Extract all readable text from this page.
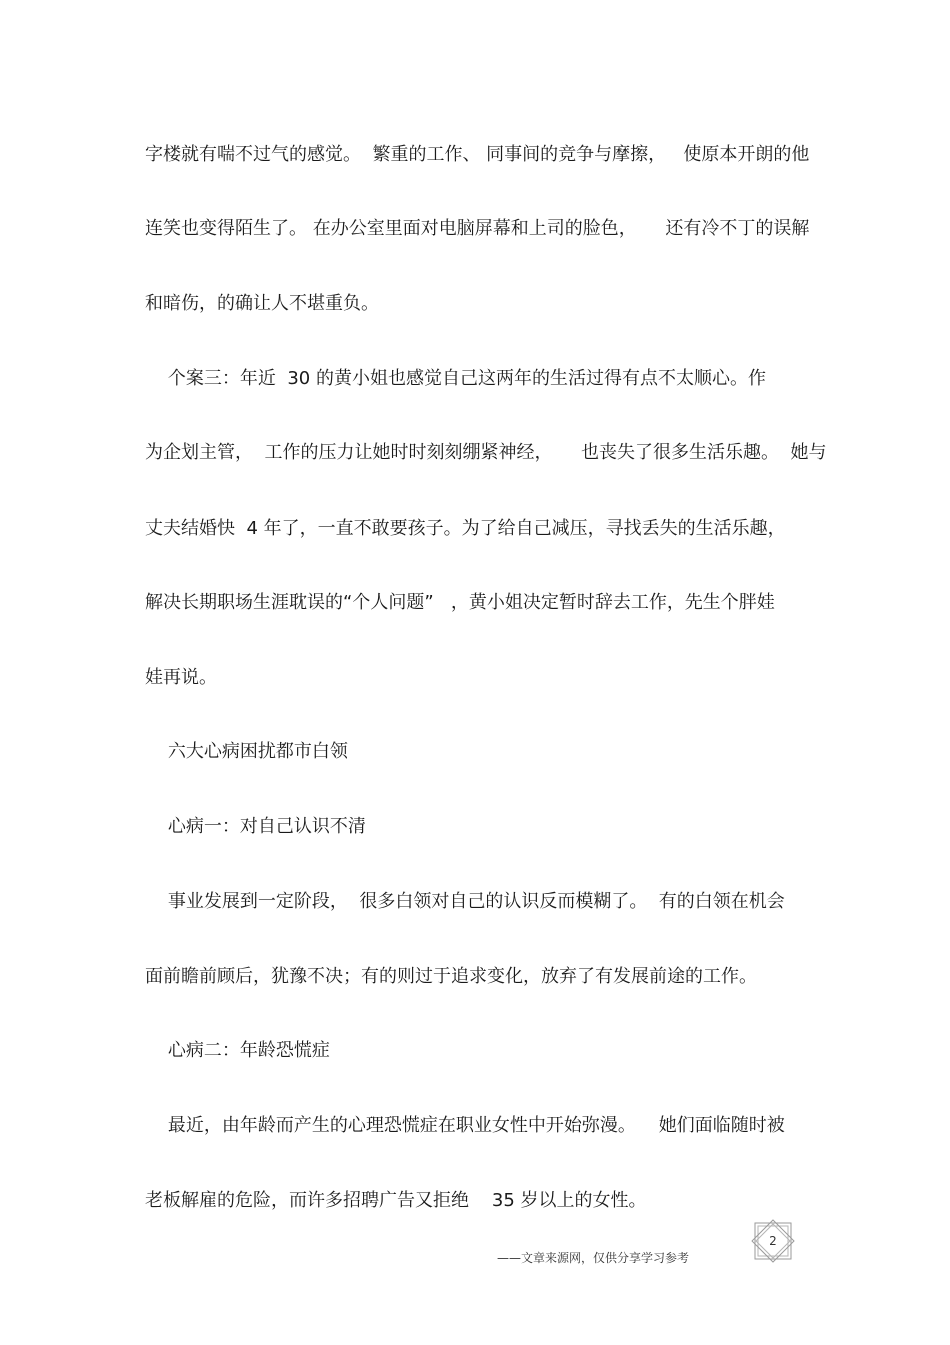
字楼就有喘不过气的感觉。  繁重的工作、 同事间的竞争与摩擦，   使原本开朗的他
连笑也变得陌生了。 在办公室里面对电脑屏幕和上司的脸色，     还有冷不丁的误解
和暗伤，的确让人不堪重负。
个案三：年近  30 的黄小姐也感觉自己这两年的生活过得有点不太顺心。作
为企划主管，  工作的压力让她时时刻刻绷紧神经，     也丧失了很多生活乐趣。  她与
丈夫结婚快  4 年了，一直不敢要孩子。为了给自己减压，寻找丢失的生活乐趣，
解决长期职场生涯耽误的“个人问题”   ，黄小姐决定暂时辞去工作，先生个胖娃
娃再说。
六大心病困扰都市白领
心病一：对自己认识不清
事业发展到一定阶段，  很多白领对自己的认识反而模糊了。  有的白领在机会
面前瞻前顾后，犹豫不决；有的则过于追求变化，放弃了有发展前途的工作。
心病二：年龄恐慌症
最近，由年龄而产生的心理恐慌症在职业女性中开始弥漫。    她们面临随时被
老板解雇的危险，而许多招聘广告又拒绝    35 岁以上的女性。
2
——文章来源网，仅供分享学习参考
